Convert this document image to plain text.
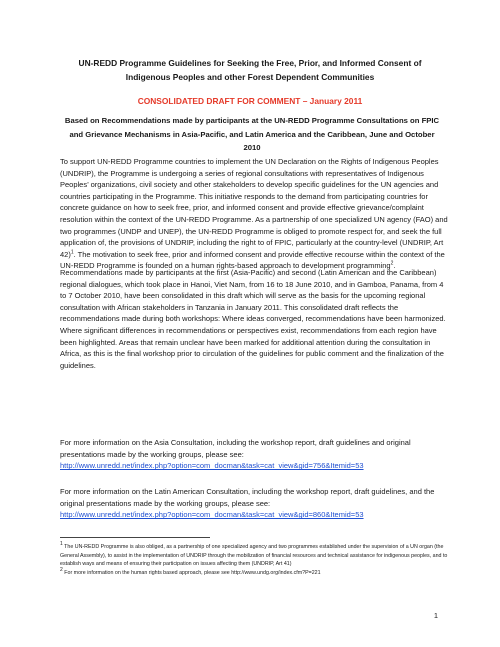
UN-REDD Programme Guidelines for Seeking the Free, Prior, and Informed Consent of Indigenous Peoples and other Forest Dependent Communities
CONSOLIDATED DRAFT FOR COMMENT – January 2011
Based on Recommendations made by participants at the UN-REDD Programme Consultations on FPIC and Grievance Mechanisms in Asia-Pacific, and Latin America and the Caribbean, June and October 2010
To support UN-REDD Programme countries to implement the UN Declaration on the Rights of Indigenous Peoples (UNDRIP), the Programme is undergoing a series of regional consultations with representatives of Indigenous Peoples’ organizations, civil society and other stakeholders to develop specific guidelines for the UN agencies and countries participating in the Programme. This initiative responds to the demand from participating countries for concrete guidance on how to seek free, prior, and informed consent and provide effective grievance/complaint resolution within the context of the UN-REDD Programme. As a partnership of one specialized UN agency (FAO) and two programmes (UNDP and UNEP), the UN-REDD Programme is obliged to promote respect for, and seek the full application of, the provisions of UNDRIP, including the right to of FPIC, particularly at the country-level (UNDRIP, Art 42)$^1$. The motivation to seek free, prior and informed consent and provide effective recourse within the context of the UN-REDD Programme is founded on a human rights-based approach to development programming$^2$.
Recommendations made by participants at the first (Asia-Pacific) and second (Latin American and the Caribbean) regional dialogues, which took place in Hanoi, Viet Nam, from 16 to 18 June 2010, and in Gamboa, Panama, from 4 to 7 October 2010, have been consolidated in this draft which will serve as the basis for the upcoming regional consultation with African stakeholders in Tanzania in January 2011. This consolidated draft reflects the recommendations made during both workshops: Where ideas converged, recommendations have been harmonized. Where significant differences in recommendations or perspectives exist, recommendations from each region have been highlighted. Areas that remain unclear have been marked for additional attention during the consultation in Africa, as this is the final workshop prior to circulation of the guidelines for public comment and the finalization of the guidelines.
For more information on the Asia Consultation, including the workshop report, draft guidelines and original presentations made by the working groups, please see:
http://www.unredd.net/index.php?option=com_docman&task=cat_view&gid=756&Itemid=53
For more information on the Latin American Consultation, including the workshop report, draft guidelines, and the original presentations made by the working groups, please see:
http://www.unredd.net/index.php?option=com_docman&task=cat_view&gid=860&Itemid=53

$^1$ The UN-REDD Programme is also obliged, as a partnership of one specialized agency and two programmes established under the supervision of a UN organ (the General Assembly), to assist in the implementation of UNDRIP through the mobilization of financial resources and technical assistance for indigenous peoples, and to establish ways and means of ensuring their participation on issues affecting them (UNDRIP, Art 41)

$^2$ For more information on the human rights based approach, please see http://www.undg.org/index.cfm?P=221

1
